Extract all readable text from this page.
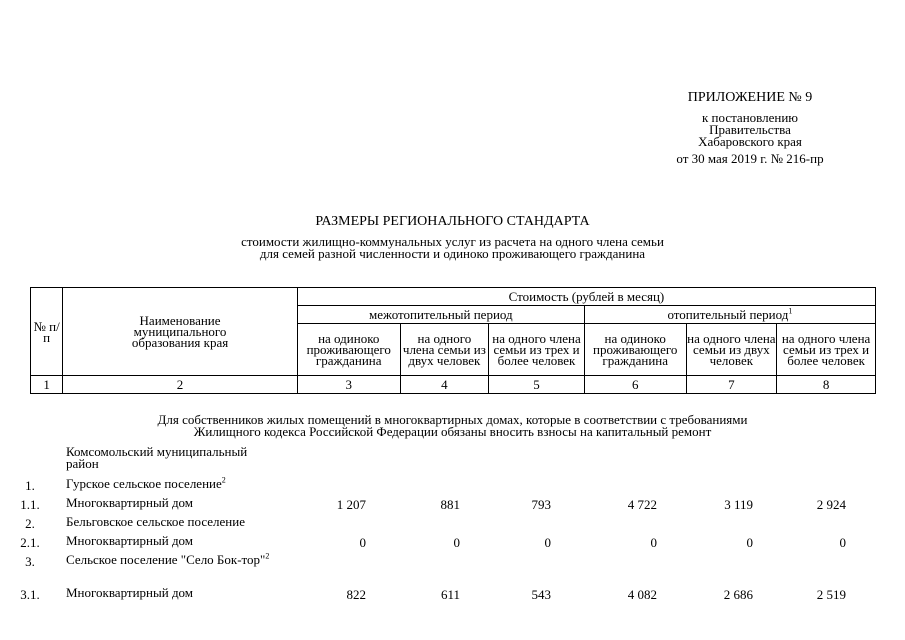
ПРИЛОЖЕНИЕ № 9
к постановлению
Правительства
Хабаровского края
от 30 мая 2019 г. № 216-пр
РАЗМЕРЫ РЕГИОНАЛЬНОГО СТАНДАРТА
стоимости жилищно-коммунальных услуг из расчета на одного члена семьи
для семей разной численности и одиноко проживающего гражданина
№ п/п	Наименование муниципального образования края	Стоимость (рублей в месяц)					
		межотопительный период			отопительный период$^1$
		на одиноко проживающего гражданина	на одного члена семьи из двух человек	на одного члена семьи из трех и более человек	на одиноко проживающего гражданина	на одного члена семьи из двух человек	на одного члена семьи из трех и более человек
1	2	3	4	5	6	7	8
Для собственников жилых помещений в многоквартирных домах, которые в соответствии с требованиями
Жилищного кодекса Российской Федерации обязаны вносить взносы на капитальный ремонт
Комсомольский муниципальный район
1.	Гурское сельское поселение$^2$
1.1.	Многоквартирный дом	1 207	881	793	4 722	3 119	2 924
2.	Бельговское сельское поселение
2.1.	Многоквартирный дом	0	0	0	0	0	0
3.	Сельское поселение "Село Бок-тор"$^2$
3.1.	Многоквартирный дом	822	611	543	4 082	2 686	2 519
